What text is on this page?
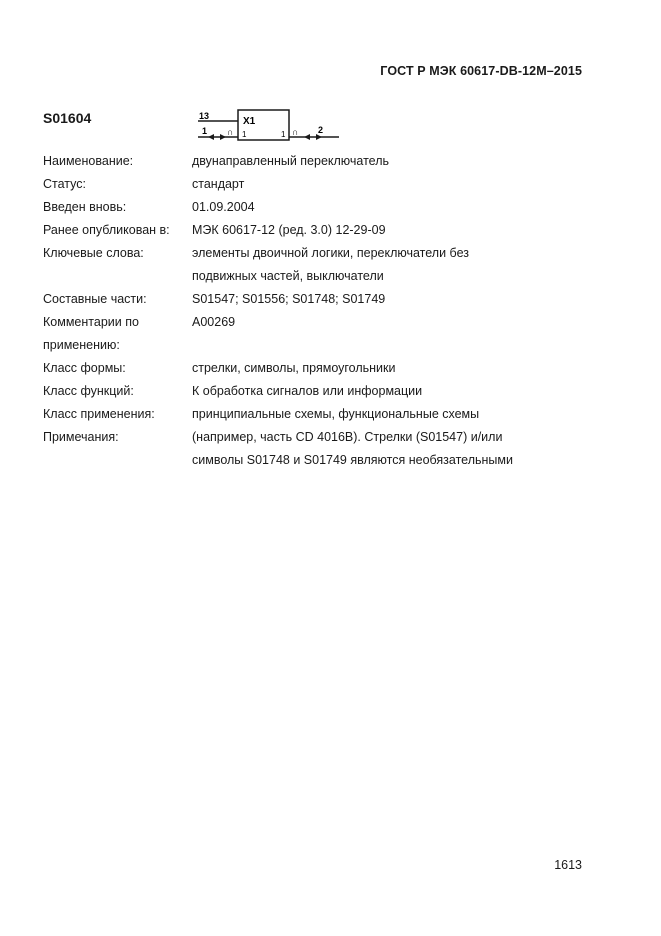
ГОСТ Р МЭК 60617-DB-12M–2015
S01604	13	X1
1	1
1 ∩	∩ 2
Наименование:	двунаправленный переключатель
Статус:	стандарт
Введен вновь:	01.09.2004
Ранее опубликован в:	МЭК 60617-12 (ред. 3.0) 12-29-09
Ключевые слова:	элементы двоичной логики, переключатели без
подвижных частей, выключатели
Составные части:	S01547; S01556; S01748; S01749
Комментарии по	A00269
применению:

Класс формы:	стрелки, символы, прямоугольники
Класс функций:	К обработка сигналов или информации
Класс применения:	принципиальные схемы, функциональные схемы
Примечания:	(например, часть CD 4016В). Стрелки (S01547) и/или
символы S01748 и S01749 являются необязательными
1613
